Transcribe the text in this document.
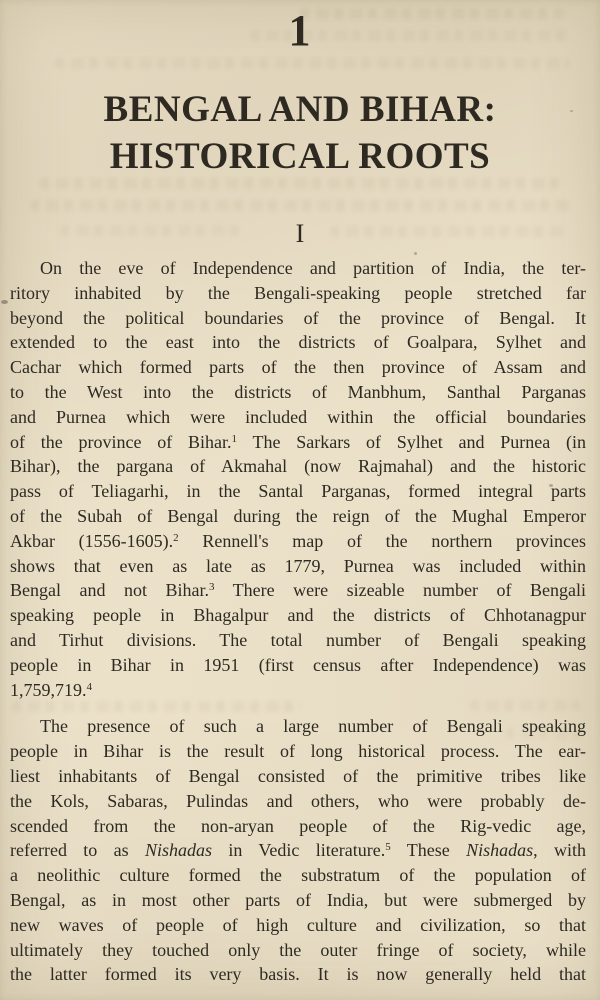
1
BENGAL AND BIHAR:
HISTORICAL ROOTS
I
On the eve of Independence and partition of India, the ter-
ritory inhabited by the Bengali-speaking people stretched far
beyond the political boundaries of the province of Bengal. It
extended to the east into the districts of Goalpara, Sylhet and
Cachar which formed parts of the then province of Assam and
to the West into the districts of Manbhum, Santhal Parganas
and Purnea which were included within the official boundaries
of the province of Bihar.$^1$ The Sarkars of Sylhet and Purnea (in
Bihar), the pargana of Akmahal (now Rajmahal) and the historic
pass of Teliagarhi, in the Santal Parganas, formed integral parts
of the Subah of Bengal during the reign of the Mughal Emperor
Akbar (1556-1605).$^2$ Rennell's map of the northern provinces
shows that even as late as 1779, Purnea was included within
Bengal and not Bihar.$^3$ There were sizeable number of Bengali
speaking people in Bhagalpur and the districts of Chhotanagpur
and Tirhut divisions. The total number of Bengali speaking
people in Bihar in 1951 (first census after Independence) was
1,759,719.$^4$
The presence of such a large number of Bengali speaking
people in Bihar is the result of long historical process. The ear-
liest inhabitants of Bengal consisted of the primitive tribes like
the Kols, Sabaras, Pulindas and others, who were probably de-
scended from the non-aryan people of the Rig-vedic age,
referred to as Nishadas in Vedic literature.$^5$ These Nishadas, with
a neolithic culture formed the substratum of the population of
Bengal, as in most other parts of India, but were submerged by
new waves of people of high culture and civilization, so that
ultimately they touched only the outer fringe of society, while
the latter formed its very basis. It is now generally held that
